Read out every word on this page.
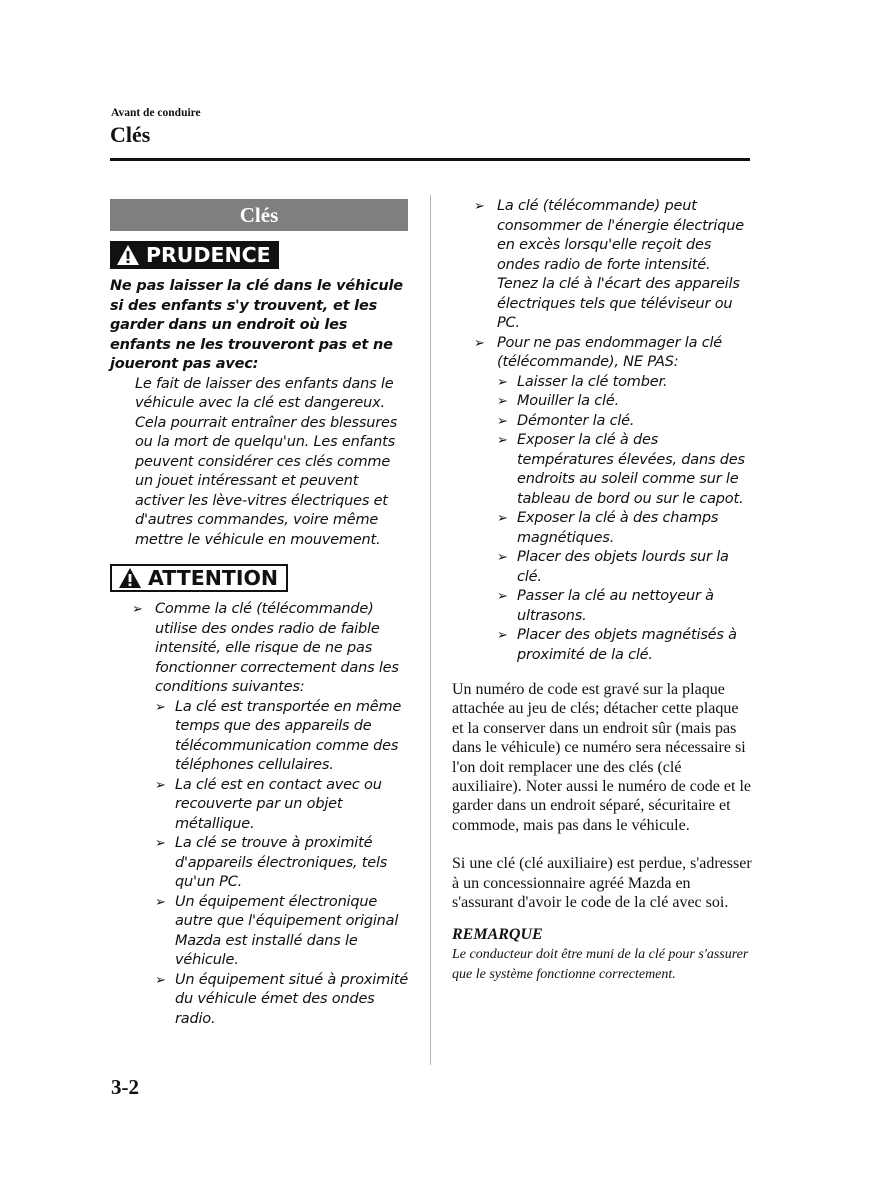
Avant de conduire
Clés
Clés
PRUDENCE
Ne pas laisser la clé dans le véhicule si des enfants s'y trouvent, et les garder dans un endroit où les enfants ne les trouveront pas et ne joueront pas avec:
Le fait de laisser des enfants dans le véhicule avec la clé est dangereux. Cela pourrait entraîner des blessures ou la mort de quelqu'un. Les enfants peuvent considérer ces clés comme un jouet intéressant et peuvent activer les lève-vitres électriques et d'autres commandes, voire même mettre le véhicule en mouvement.
ATTENTION
➢ Comme la clé (télécommande) utilise des ondes radio de faible intensité, elle risque de ne pas fonctionner correctement dans les conditions suivantes:
➢ La clé est transportée en même temps que des appareils de télécommunication comme des téléphones cellulaires.
➢ La clé est en contact avec ou recouverte par un objet métallique.
➢ La clé se trouve à proximité d'appareils électroniques, tels qu'un PC.
➢ Un équipement électronique autre que l'équipement original Mazda est installé dans le véhicule.
➢ Un équipement situé à proximité du véhicule émet des ondes radio.
➢ La clé (télécommande) peut consommer de l'énergie électrique en excès lorsqu'elle reçoit des ondes radio de forte intensité. Tenez la clé à l'écart des appareils électriques tels que téléviseur ou PC.
➢ Pour ne pas endommager la clé (télécommande), NE PAS:
➢ Laisser la clé tomber.
➢ Mouiller la clé.
➢ Démonter la clé.
➢ Exposer la clé à des températures élevées, dans des endroits au soleil comme sur le tableau de bord ou sur le capot.
➢ Exposer la clé à des champs magnétiques.
➢ Placer des objets lourds sur la clé.
➢ Passer la clé au nettoyeur à ultrasons.
➢ Placer des objets magnétisés à proximité de la clé.
Un numéro de code est gravé sur la plaque attachée au jeu de clés; détacher cette plaque et la conserver dans un endroit sûr (mais pas dans le véhicule) ce numéro sera nécessaire si l'on doit remplacer une des clés (clé auxiliaire). Noter aussi le numéro de code et le garder dans un endroit séparé, sécuritaire et commode, mais pas dans le véhicule.
Si une clé (clé auxiliaire) est perdue, s'adresser à un concessionnaire agréé Mazda en s'assurant d'avoir le code de la clé avec soi.
REMARQUE
Le conducteur doit être muni de la clé pour s'assurer que le système fonctionne correctement.
3-2
